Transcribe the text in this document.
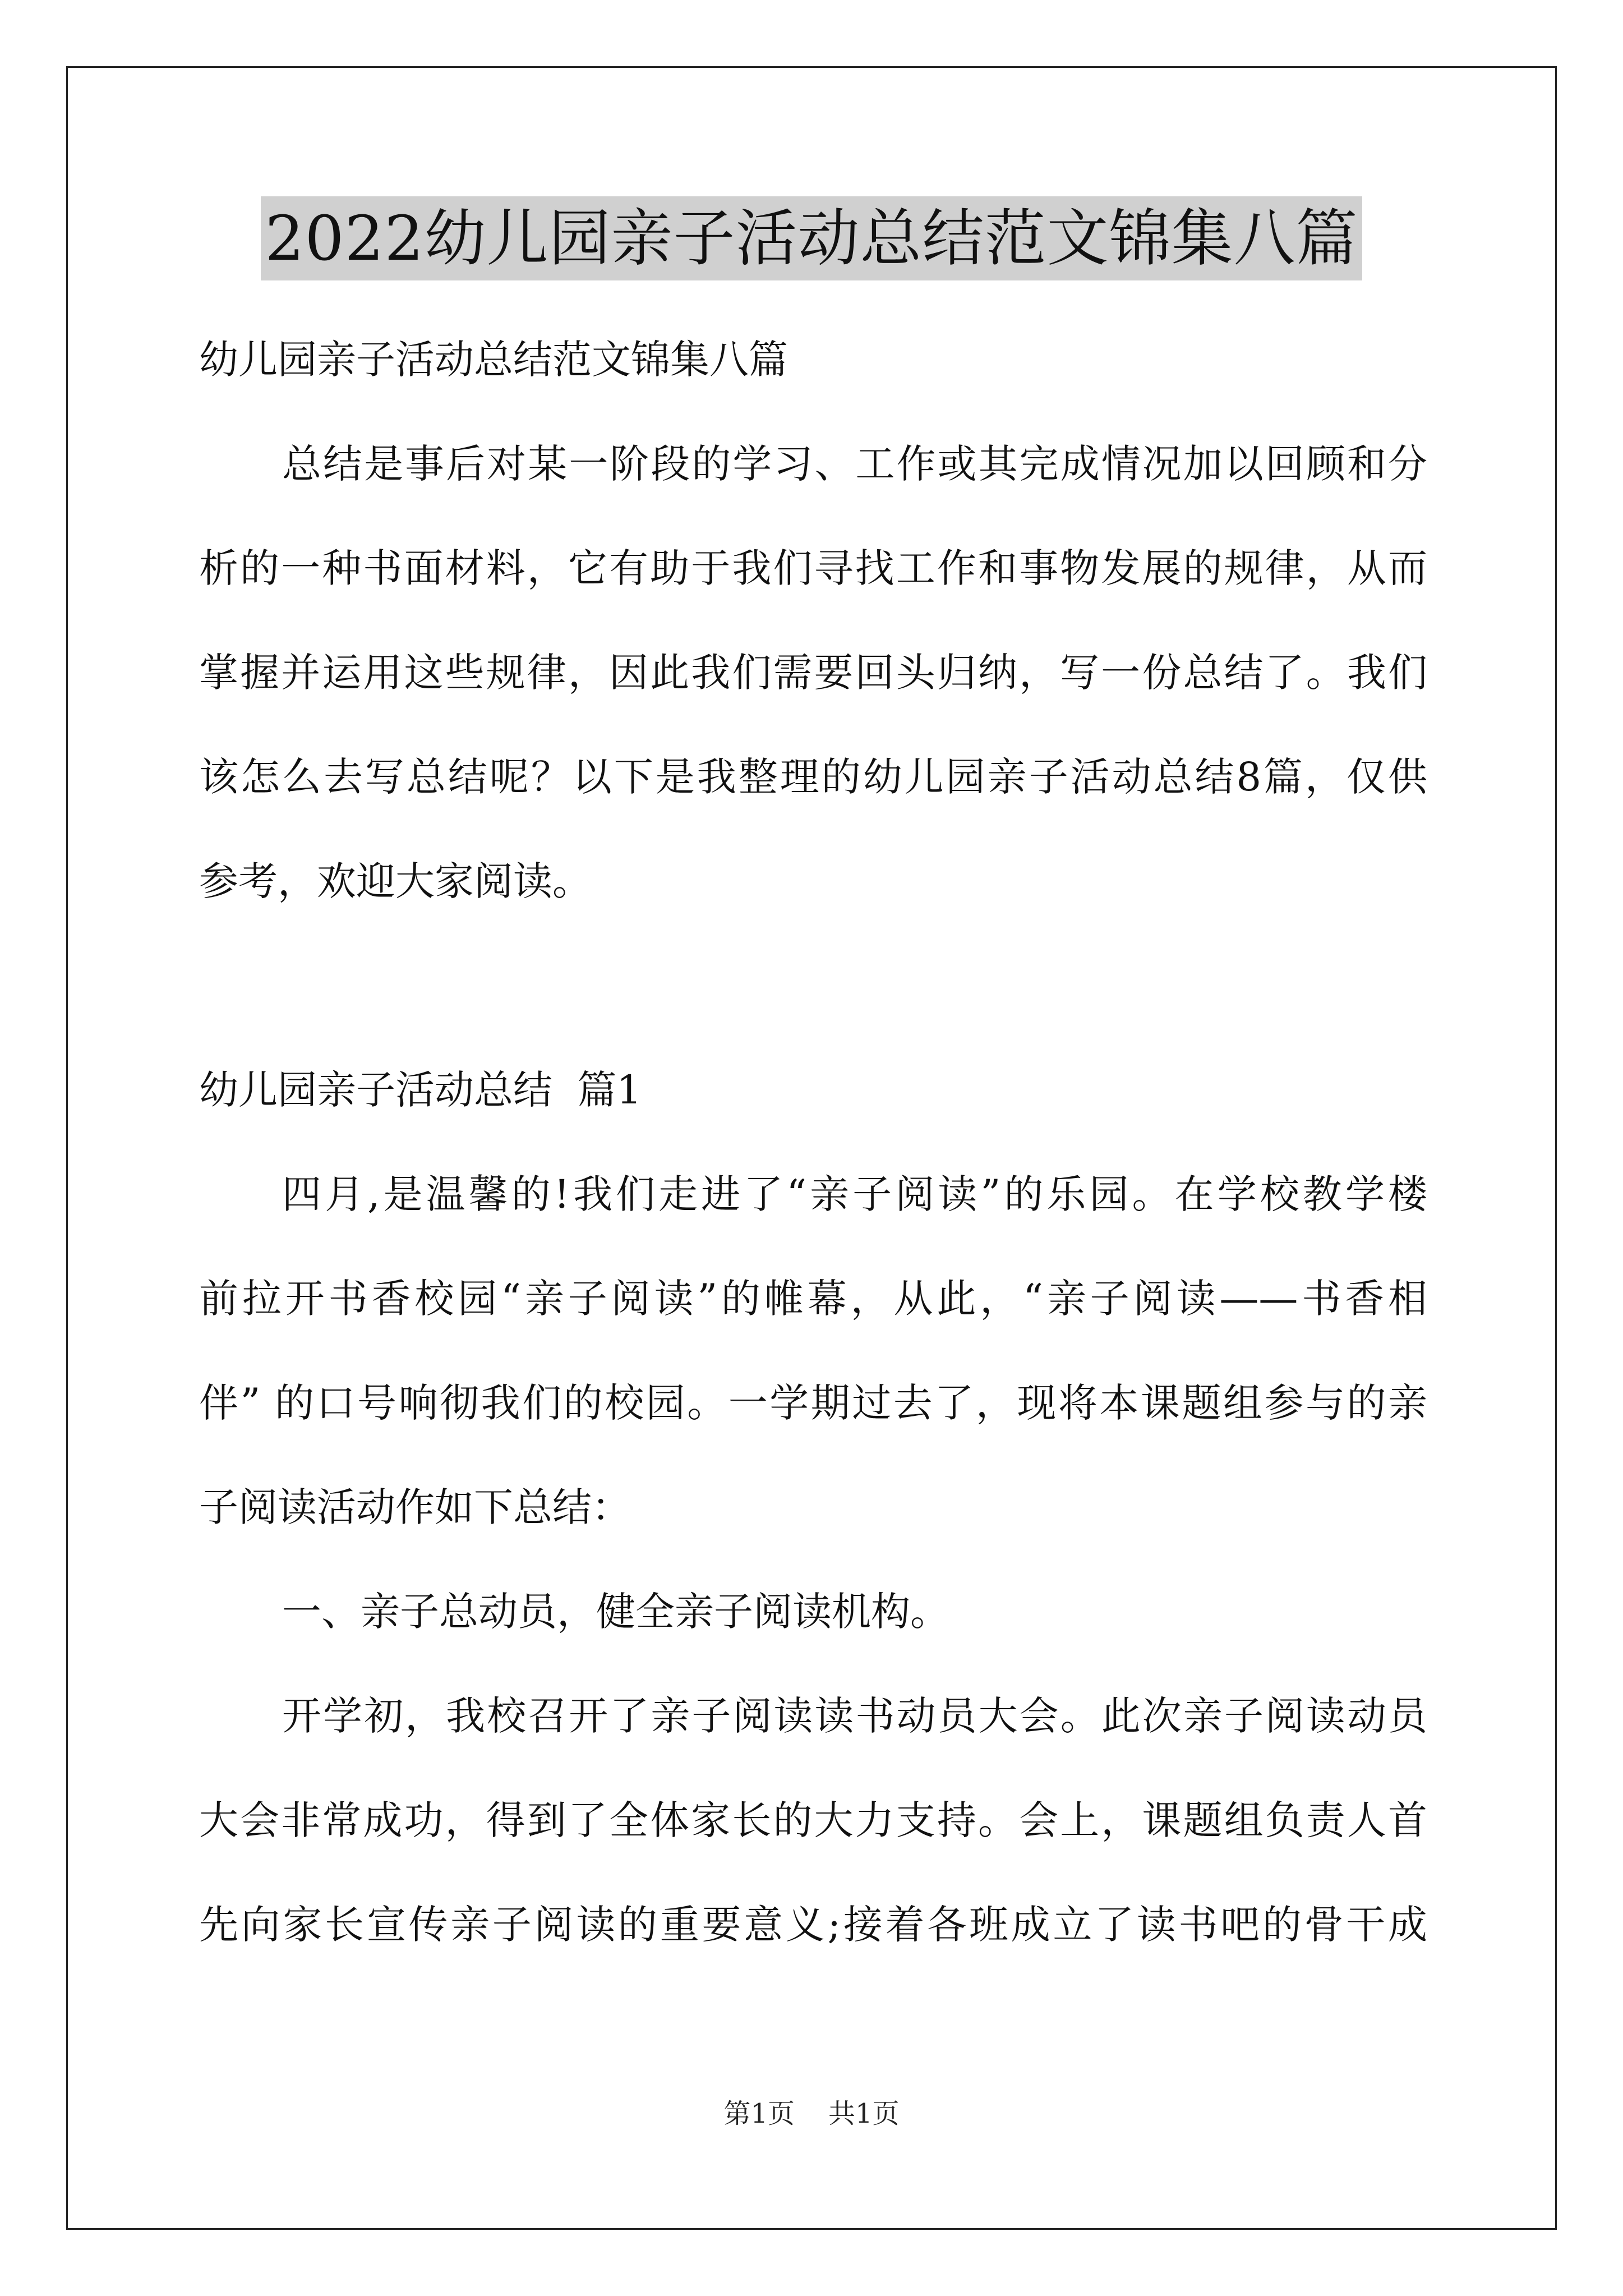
2022幼儿园亲子活动总结范文锦集八篇
幼儿园亲子活动总结范文锦集八篇
总结是事后对某一阶段的学习、工作或其完成情况加以回顾和分
析的一种书面材料，它有助于我们寻找工作和事物发展的规律，从而
掌握并运用这些规律，因此我们需要回头归纳，写一份总结了。我们
该怎么去写总结呢？以下是我整理的幼儿园亲子活动总结8篇，仅供
参考，欢迎大家阅读。
幼儿园亲子活动总结  篇1
四月,是温馨的!我们走进了“亲子阅读”的乐园。在学校教学楼
前拉开书香校园“亲子阅读”的帷幕，从此，“亲子阅读——书香相
伴” 的口号响彻我们的校园。一学期过去了，现将本课题组参与的亲
子阅读活动作如下总结：
一、亲子总动员，健全亲子阅读机构。
开学初，我校召开了亲子阅读读书动员大会。此次亲子阅读动员
大会非常成功，得到了全体家长的大力支持。会上，课题组负责人首
先向家长宣传亲子阅读的重要意义;接着各班成立了读书吧的骨干成
第1页 共1页
